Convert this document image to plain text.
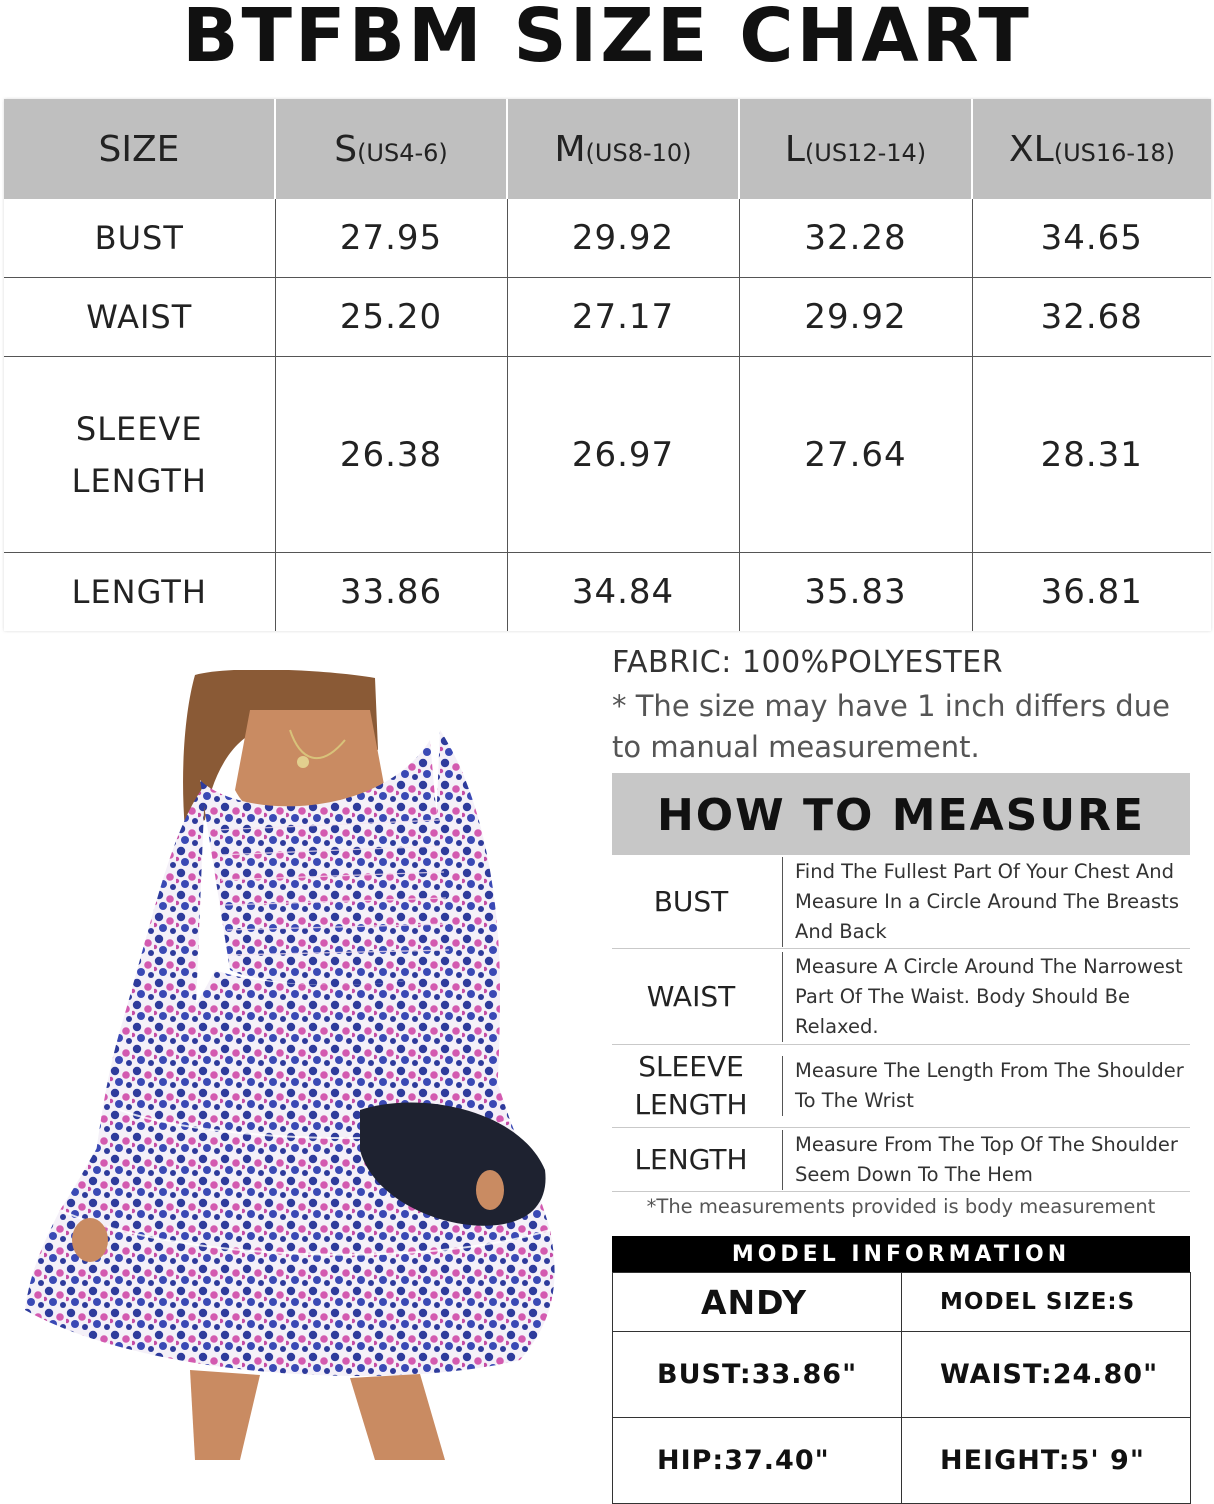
BTFBM SIZE CHART
SIZE	S(US4-6)	M(US8-10)	L(US12-14)	XL(US16-18)
BUST	27.95	29.92	32.28	34.65
WAIST	25.20	27.17	29.92	32.68
SLEEVE
LENGTH	26.38	26.97	27.64	28.31
LENGTH	33.86	34.84	35.83	36.81
FABRIC: 100%POLYESTER
* The size may have 1 inch differs due to manual measurement.
HOW TO MEASURE
BUST	Find The Fullest Part Of Your Chest And Measure In a Circle Around The Breasts And Back

WAIST	Measure A Circle Around The Narrowest Part Of The Waist. Body Should Be Relaxed.

SLEEVE
LENGTH	Measure The Length From The Shoulder To The Wrist

LENGTH	Measure From The Top Of The Shoulder Seem Down To The Hem
*The measurements provided is body measurement
MODEL INFORMATION
ANDY	MODEL SIZE:S
BUST:33.86"	WAIST:24.80"
HIP:37.40"	HEIGHT:5' 9"
